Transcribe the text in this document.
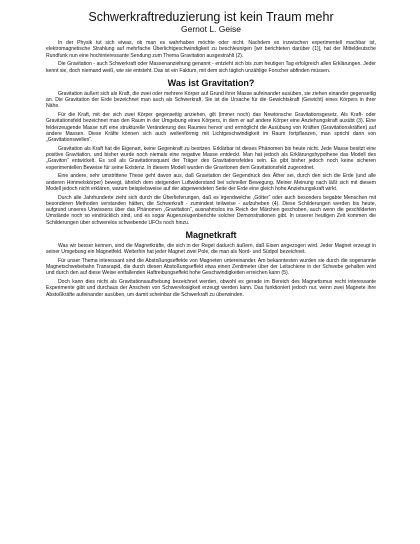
Schwerkraftreduzierung ist kein Traum mehr
Gernot L. Geise

In der Physik tut sich etwas, ob man es wahrhaben möchte oder nicht. Nachdem es inzwischen experimentell machbar ist, elektromagnetische Strahlung auf mehrfache Überlichtgeschwindigkeit zu beschleunigen [wir berichteten darüber (1)], hat der Mitteldeutsche Rundfunk nun eine hochinteressante Sendung zum Thema Gravitation ausgestrahlt (2).

Die Gravitation - auch Schwerkraft oder Massenanziehung genannt - entzieht sich bis zum heutigen Tag erfolgreich allen Erklärungen. Jeder kennt sie, doch niemand weiß, wie sie entsteht. Das ist ein Faktum, mit dem sich täglich unzählige Forscher abfinden müssen.

Was ist Gravitation?

Gravitation äußert sich als Kraft, die zwei oder mehrere Körper auf Grund ihrer Masse aufeinander ausüben, sie ziehen einander gegenseitig an. Die Gravitation der Erde bezeichnet man auch als Schwerkraft. Sie ist die Ursache für die Gewichtskraft (Gewicht) eines Körpers in ihrer Nähe.

Für die Kraft, mit der sich zwei Körper gegenseitig anziehen, gilt (immer noch) das Newtonsche Gravitationsgesetz. Als Kraft- oder Gravitationsfeld bezeichnet man den Raum in der Umgebung eines Körpers, in dem er auf andere Körper eine Anziehungskraft ausübt (3). Eine felderzeugende Masse ruft eine strukturelle Veränderung des Raumes hervor und ermöglicht die Ausübung von Kräften (Gravitationskräften) auf andere Massen. Diese Kräfte können sich auch wellenförmig mit Lichtgeschwindigkeit im Raum fortpflanzen, man spricht dann von „Gravitationswellen“.

Gravitation als Kraft hat die Eigenart, keine Gegenkraft zu besitzen. Erklärbar ist dieses Phänomen bis heute nicht. Jede Masse besitzt eine positive Gravitation, und bisher wurde noch niemals eine negative Masse entdeckt. Man hat jedoch als Erklärungshypothese das Modell des „Graviton“ entwickelt. Es soll als Gravitationsquant der Träger des Gravitationsfeldes sein. Es gibt bisher jedoch noch keine sicheren experimentellen Beweise für seine Existenz. In diesem Modell wurden die Gravitonen dem Gravitationsfeld zugeordnet.

Eine andere, sehr umstrittene These geht davon aus, daß Gravitation der Gegendruck des Äther sei, durch den sich die Erde (und alle anderen Himmelskörper) bewegt, ähnlich dem steigenden Luftwiderstand bei schneller Bewegung. Meiner Meinung nach läßt sich mit diesem Modell jedoch nicht erklären, warum beispielsweise auf der abgewendeten Seite der Erde eine gleich hohe Anziehungskraft wirkt.

Durch alle Jahrhunderte zieht sich durch die Überlieferungen, daß es irgendwelche „Götter“ oder auch besonders begabte Menschen mit besonderen Methoden verstanden hätten, die Schwerkraft - zumindest teilweise - aufzuheben (4). Diese Schilderungen werden bis heute, aufgrund unseres Unwissens über das Phänomen „Gravitation“, ausnahmslos ins Reich der Märchen geschoben, auch wenn die geschilderten Umstände noch so eindrücklich sind, und es sogar Augenzeugenberichte solcher Demonstrationen gibt. In unserer heutigen Zeit kommen die Schilderungen über schwerelos schwebende UFOs noch hinzu.

Magnetkraft

Was wir besser kennen, sind die Magnetkräfte, die sich in der Regel dadurch äußern, daß Eisen angezogen wird. Jeder Magnet erzeugt in seiner Umgebung ein Magnetfeld. Weiterhin hat jeder Magnet zwei Pole, die man als Nord- und Südpol bezeichnet.

Für unser Thema interessant sind die Abstoßungseffekte von Magneten untereinander. Am bekanntesten wurden sie durch die sogenannte Magnetschwebebahn Transrapid, die durch diesen Abstoßungseffekt etwa einen Zentimeter über der Leitschiene in der Schwebe gehalten wird und durch den auf diese Weise entfallenden Haftreibungseffekt hohe Geschwindigkeiten erreichen kann (5).

Doch kann dies nicht als Gravitationsaufhebung bezeichnet werden, obwohl es gerade im Bereich des Magnetismus recht interessante Experimente gibt und durchaus der Anschein von Schwerelosigkeit erzeugt werden kann. Das funktioniert jedoch nur, wenn zwei Magnete ihre Abstoßkräfte aufeinander ausüben, um damit scheinbar die Schwerkraft zu überwinden.
